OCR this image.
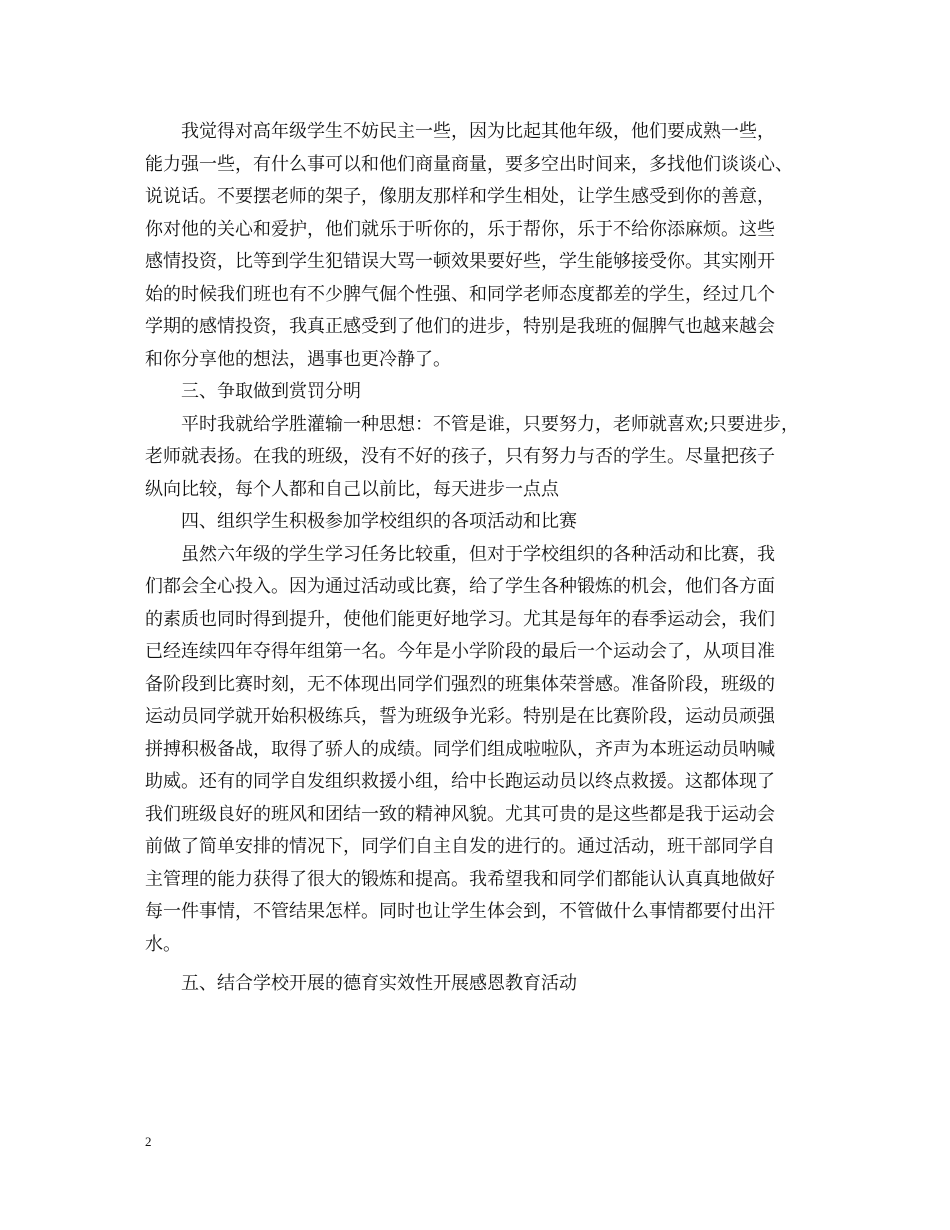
我觉得对高年级学生不妨民主一些，因为比起其他年级，他们要成熟一些，
能力强一些，有什么事可以和他们商量商量，要多空出时间来，多找他们谈谈心、
说说话。不要摆老师的架子，像朋友那样和学生相处，让学生感受到你的善意，
你对他的关心和爱护，他们就乐于听你的，乐于帮你，乐于不给你添麻烦。这些
感情投资，比等到学生犯错误大骂一顿效果要好些，学生能够接受你。其实刚开
始的时候我们班也有不少脾气倔个性强、和同学老师态度都差的学生，经过几个
学期的感情投资，我真正感受到了他们的进步，特别是我班的倔脾气也越来越会
和你分享他的想法，遇事也更冷静了。
三、争取做到赏罚分明
平时我就给学胜灌输一种思想：不管是谁，只要努力，老师就喜欢;只要进步，
老师就表扬。在我的班级，没有不好的孩子，只有努力与否的学生。尽量把孩子
纵向比较，每个人都和自己以前比，每天进步一点点
四、组织学生积极参加学校组织的各项活动和比赛
虽然六年级的学生学习任务比较重，但对于学校组织的各种活动和比赛，我
们都会全心投入。因为通过活动或比赛，给了学生各种锻炼的机会，他们各方面
的素质也同时得到提升，使他们能更好地学习。尤其是每年的春季运动会，我们
已经连续四年夺得年组第一名。今年是小学阶段的最后一个运动会了，从项目准
备阶段到比赛时刻，无不体现出同学们强烈的班集体荣誉感。准备阶段，班级的
运动员同学就开始积极练兵，誓为班级争光彩。特别是在比赛阶段，运动员顽强
拼搏积极备战，取得了骄人的成绩。同学们组成啦啦队，齐声为本班运动员呐喊
助威。还有的同学自发组织救援小组，给中长跑运动员以终点救援。这都体现了
我们班级良好的班风和团结一致的精神风貌。尤其可贵的是这些都是我于运动会
前做了简单安排的情况下，同学们自主自发的进行的。通过活动，班干部同学自
主管理的能力获得了很大的锻炼和提高。我希望我和同学们都能认认真真地做好
每一件事情，不管结果怎样。同时也让学生体会到，不管做什么事情都要付出汗
水。
五、结合学校开展的德育实效性开展感恩教育活动
2
